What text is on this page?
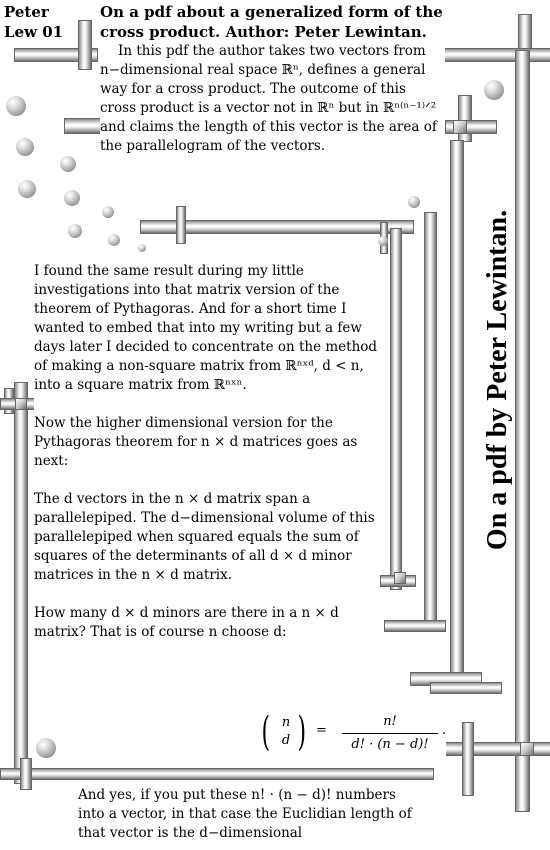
Peter
Lew 01
On a pdf about a generalized form of the cross product. Author: Peter Lewintan.

In this pdf the author takes two vectors from n−dimensional real space ℝⁿ, defines a general way for a cross product. The outcome of this cross product is a vector not in ℝⁿ but in ℝⁿ⁽ⁿ⁻¹⁾ᐟ² and claims the length of this vector is the area of the parallelogram of the vectors.

I found the same result during my little investigations into that matrix version of the theorem of Pythagoras. And for a short time I wanted to embed that into my writing but a few days later I decided to concentrate on the method of making a non-square matrix from ℝⁿˣᵈ, d < n, into a square matrix from ℝⁿˣⁿ.

Now the higher dimensional version for the Pythagoras theorem for n × d matrices goes as next:

The d vectors in the n × d matrix span a parallelepiped. The d−dimensional volume of this parallelepiped when squared equals the sum of squares of the determinants of all d × d minor matrices in the n × d matrix.

How many d × d minors are there in a n × d matrix? That is of course n choose d:

( n
d ) = $\frac{n!}{d! \cdot (n - d)!}$ .
And yes, if you put these n! · (n − d)! numbers into a vector, in that case the Euclidian length of that vector is the d−dimensional
On a pdf by Peter Lewintan.
